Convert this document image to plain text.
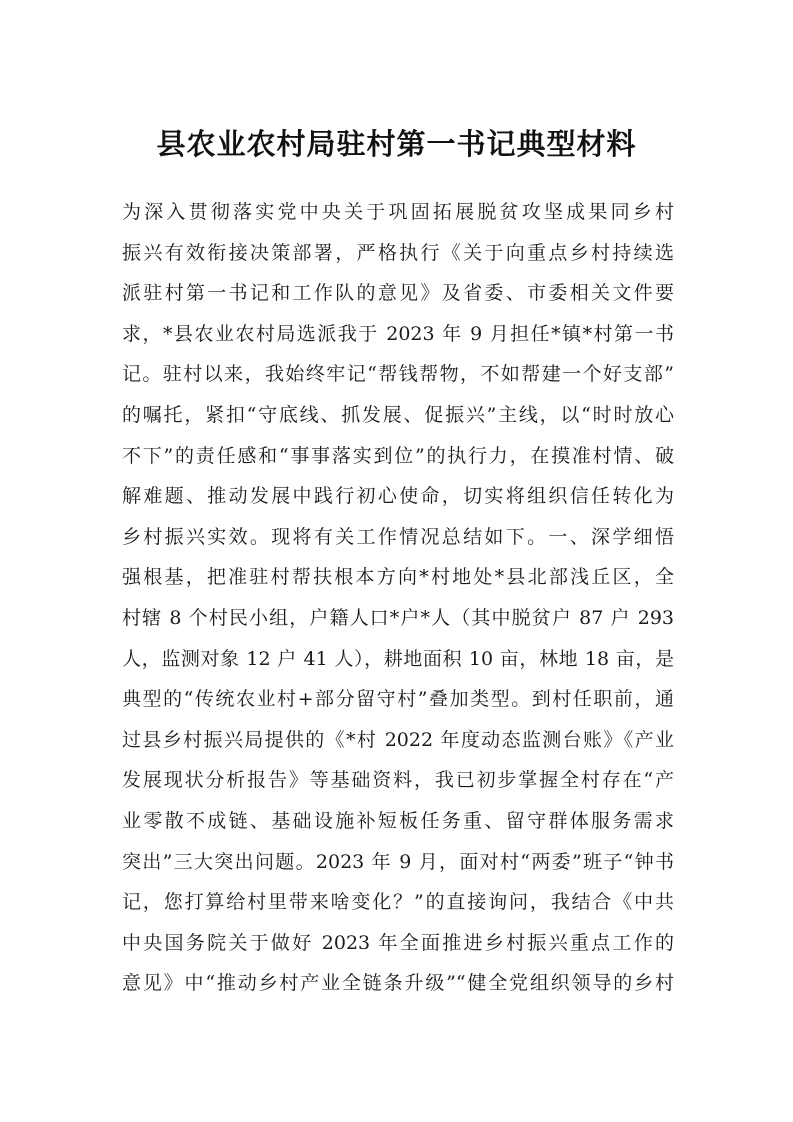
县农业农村局驻村第一书记典型材料
为深入贯彻落实党中央关于巩固拓展脱贫攻坚成果同乡村
振兴有效衔接决策部署，严格执行《关于向重点乡村持续选
派驻村第一书记和工作队的意见》及省委、市委相关文件要
求，*县农业农村局选派我于 2023 年 9 月担任*镇*村第一书
记。驻村以来，我始终牢记“帮钱帮物，不如帮建一个好支部”
的嘱托，紧扣“守底线、抓发展、促振兴”主线，以“时时放心
不下”的责任感和“事事落实到位”的执行力，在摸准村情、破
解难题、推动发展中践行初心使命，切实将组织信任转化为
乡村振兴实效。现将有关工作情况总结如下。一、深学细悟
强根基，把准驻村帮扶根本方向*村地处*县北部浅丘区，全
村辖 8 个村民小组，户籍人口*户*人（其中脱贫户 87 户 293
人，监测对象 12 户 41 人），耕地面积 10 亩，林地 18 亩，是
典型的“传统农业村+部分留守村”叠加类型。到村任职前，通
过县乡村振兴局提供的《*村 2022 年度动态监测台账》《产业
发展现状分析报告》等基础资料，我已初步掌握全村存在“产
业零散不成链、基础设施补短板任务重、留守群体服务需求
突出”三大突出问题。2023 年 9 月，面对村“两委”班子“钟书
记，您打算给村里带来啥变化？”的直接询问，我结合《中共
中央国务院关于做好 2023 年全面推进乡村振兴重点工作的
意见》中“推动乡村产业全链条升级”“健全党组织领导的乡村
